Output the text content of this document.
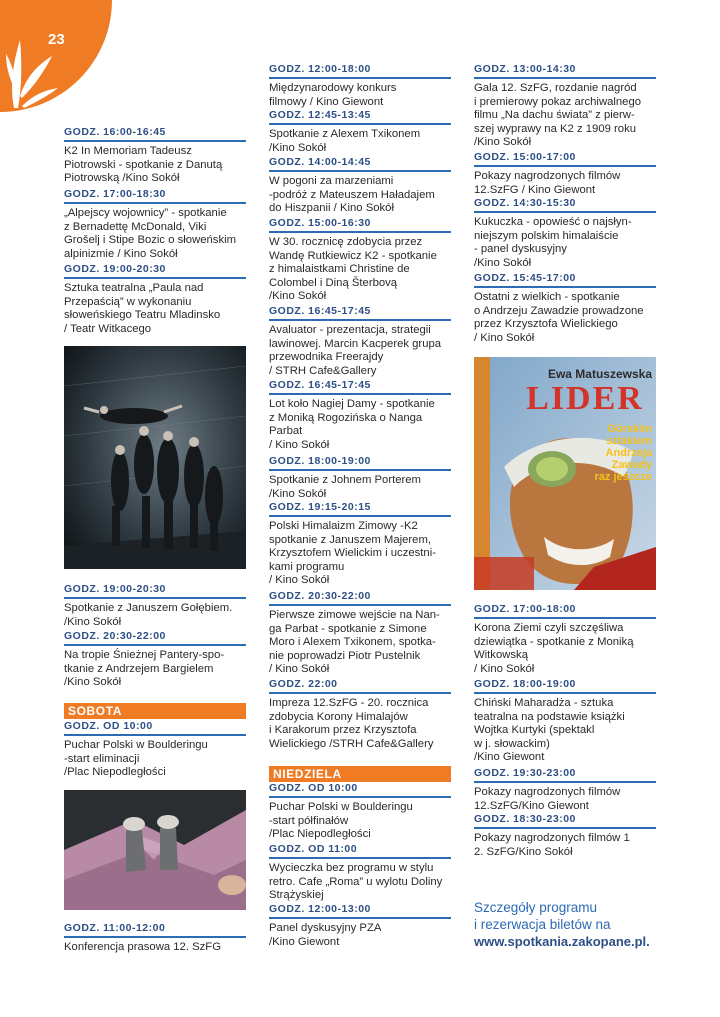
23
GODZ. 16:00-16:45
K2 In Memoriam Tadeusz
Piotrowski - spotkanie z Danutą
Piotrowską /Kino Sokół
GODZ. 17:00-18:30
„Alpejscy wojownicy” - spotkanie
z Bernadettę McDonald, Viki
Grošelj i Stipe Bozic o słoweńskim
alpinizmie / Kino Sokół
GODZ. 19:00-20:30
Sztuka teatralna „Paula nad
Przepaścią” w wykonaniu
słoweńskiego Teatru Mladinsko
/ Teatr Witkacego
GODZ. 19:00-20:30
Spotkanie z Januszem Gołębiem.
/Kino Sokół
GODZ. 20:30-22:00
Na tropie Śnieżnej Pantery-spo-
tkanie z Andrzejem Bargielem
/Kino Sokół
SOBOTA
GODZ. OD 10:00
Puchar Polski w Boulderingu
-start eliminacji
/Plac Niepodległości
GODZ. 11:00-12:00
Konferencja prasowa 12. SzFG
GODZ. 12:00-18:00
Międzynarodowy konkurs
filmowy / Kino Giewont
GODZ. 12:45-13:45
Spotkanie z Alexem Txikonem
/Kino Sokół
GODZ. 14:00-14:45
W pogoni za marzeniami
-podróż z Mateuszem Haładajem
do Hiszpanii / Kino Sokół
GODZ. 15:00-16:30
W 30. rocznicę zdobycia przez
Wandę Rutkiewicz K2 - spotkanie
z himalaistkami Christine de
Colombel i Diną Šterbovą
/Kino Sokół
GODZ. 16:45-17:45
Avaluator - prezentacja, strategii
lawinowej. Marcin Kacperek grupa
przewodnika Freerajdy
/ STRH Cafe&Gallery
GODZ. 16:45-17:45
Lot koło Nagiej Damy - spotkanie
z Moniką Rogozińska o Nanga
Parbat
/ Kino Sokół
GODZ. 18:00-19:00
Spotkanie z Johnem Porterem
/Kino Sokół
GODZ. 19:15-20:15
Polski Himalaizm Zimowy -K2
spotkanie z Januszem Majerem,
Krzysztofem Wielickim i uczestni-
kami programu
/ Kino Sokół
GODZ. 20:30-22:00
Pierwsze zimowe wejście na Nan-
ga Parbat - spotkanie z Simone
Moro i Alexem Txikonem, spotka-
nie poprowadzi Piotr Pustelnik
/ Kino Sokół
GODZ. 22:00
Impreza 12.SzFG - 20. rocznica
zdobycia Korony Himalajów
i Karakorum przez Krzysztofa
Wielickiego /STRH Cafe&Gallery
NIEDZIELA
GODZ. OD 10:00
Puchar Polski w Boulderingu
-start półfinałów
/Plac Niepodległości
GODZ. OD 11:00
Wycieczka bez programu w stylu
retro. Cafe „Roma” u wylotu Doliny
Strążyskiej
GODZ. 12:00-13:00
Panel dyskusyjny PZA
/Kino Giewont
GODZ. 13:00-14:30
Gala 12. SzFG, rozdanie nagród
i premierowy pokaz archiwalnego
filmu „Na dachu świata” z pierw-
szej wyprawy na K2 z 1909 roku
/Kino Sokół
GODZ. 15:00-17:00
Pokazy nagrodzonych filmów
12.SzFG / Kino Giewont
GODZ. 14:30-15:30
Kukuczka - opowieść o najsłyn-
niejszym polskim himalaiście
- panel dyskusyjny
/Kino Sokół
GODZ. 15:45-17:00
Ostatni z wielkich - spotkanie
o Andrzeju Zawadzie prowadzone
przez Krzysztofa Wielickiego
/ Kino Sokół
Ewa Matuszewska
LIDER
Górskim
szlakiem
Andrzeja
Zawady
raz jeszcze
GODZ. 17:00-18:00
Korona Ziemi czyli szczęśliwa
dziewiątka - spotkanie z Moniką
Witkowską
/ Kino Sokół
GODZ. 18:00-19:00
Chiński Maharadża - sztuka
teatralna na podstawie książki
Wojtka Kurtyki (spektakl
w j. słowackim)
/Kino Giewont
GODZ. 19:30-23:00
Pokazy nagrodzonych filmów
12.SzFG/Kino Giewont
GODZ. 18:30-23:00
Pokazy nagrodzonych filmów 1
2. SzFG/Kino Sokół
Szczegóły programu
i rezerwacja biletów na
www.spotkania.zakopane.pl.
